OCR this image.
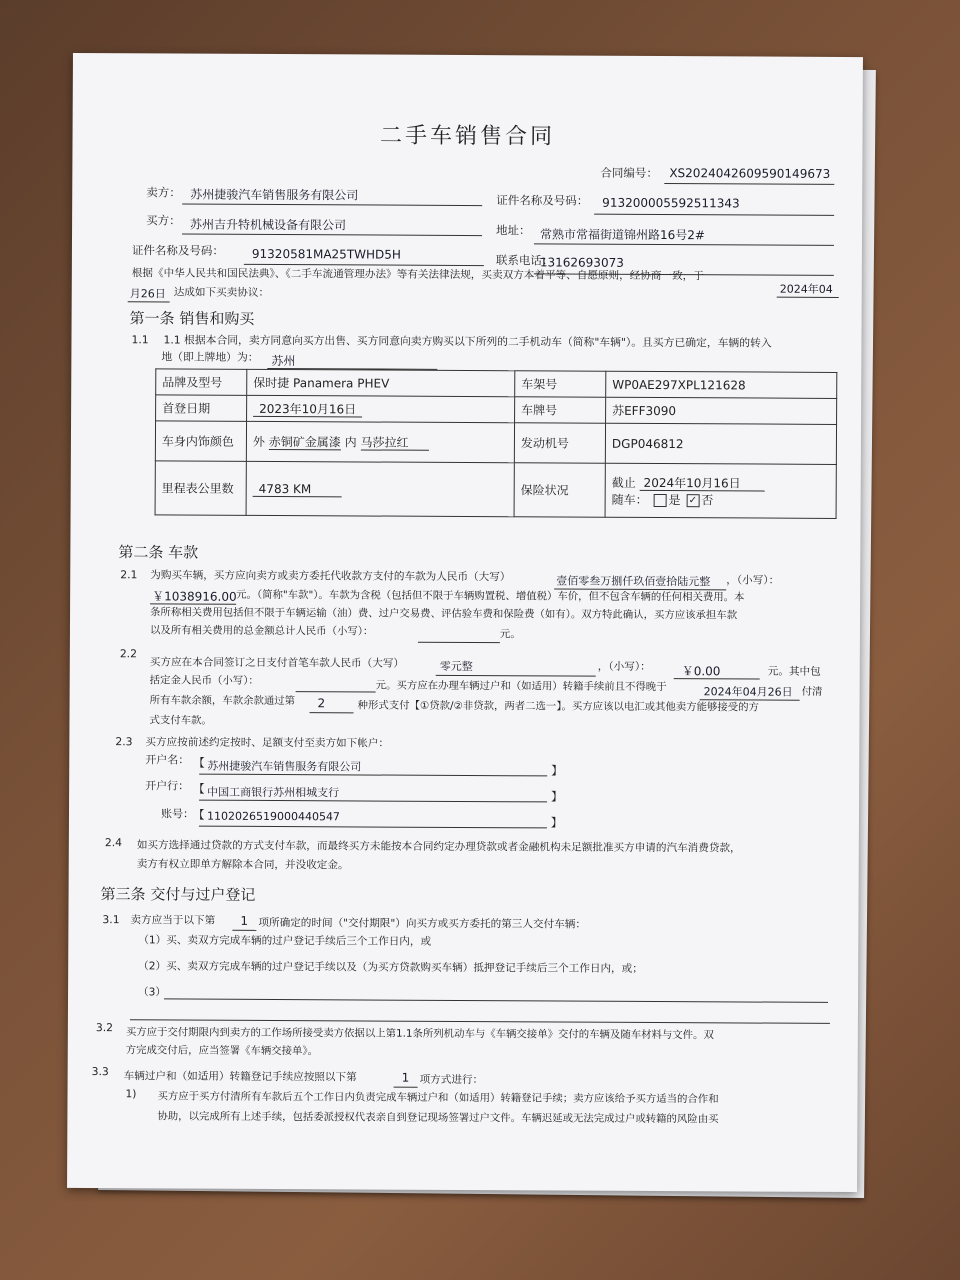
二手车销售合同
合同编号： XS2024042609590149673
卖方： 苏州捷骏汽车销售服务有限公司	证件名称及号码： 913200005592511343
买方： 苏州吉升特机械设备有限公司	地址： 常熟市常福街道锦州路16号2#
证件名称及号码： 91320581MA25TWHD5H	联系电话：
13162693073
根据《中华人民共和国民法典》、《二手车流通管理办法》等有关法律法规，买卖双方本着平等、自愿原则，经协商一致，于
2024年04
月26日 达成如下买卖协议：
第一条 销售和购买
1.1 1.1 根据本合同，卖方同意向买方出售、买方同意向卖方购买以下所列的二手机动车（简称"车辆"）。且买方已确定，车辆的转入
地（即上牌地）为： 苏州
品牌及型号	保时捷 Panamera PHEV	车架号	WP0AE297XPL121628
首登日期	2023年10月16日	车牌号	苏EFF3090
车身内饰颜色	外 赤铜矿金属漆 内 马莎拉红	发动机号	DGP046812
里程表公里数	4783 KM	保险状况	截止 2024年10月16日
随车： 是 ✓ 否
第二条 车款
2.1 为购买车辆，买方应向卖方或卖方委托代收款方支付的车款为人民币（大写）	壹佰零叁万捌仟玖佰壹拾陆元整 ，（小写）：
￥1038916.00 元。（简称"车款"）。车款为含税（包括但不限于车辆购置税、增值税）车价，但不包含车辆的任何相关费用。本
条所称相关费用包括但不限于车辆运输（油）费、过户交易费、评估验车费和保险费（如有）。双方特此确认，买方应该承担车款
以及所有相关费用的总金额总计人民币（小写）：	元。
2.2
买方应在本合同签订之日支付首笔车款人民币（大写）	零元整	，（小写）：	￥0.00	元。其中包
括定金人民币（小写）：	元。买方应在办理车辆过户和（如适用）转籍手续前且不得晚于	2024年04月26日 付清
所有车款余额，车款余款通过第 2	种形式支付【①贷款/②非贷款，两者二选一】。买方应该以电汇或其他卖方能够接受的方
式支付车款。
2.3 买方应按前述约定按时、足额支付至卖方如下帐户：
开户名： 【 苏州捷骏汽车销售服务有限公司	】
开户行： 【 中国工商银行苏州相城支行	】
账号：
【 1102026519000440547	】
2.4 如买方选择通过贷款的方式支付车款，而最终买方未能按本合同约定办理贷款或者金融机构未足额批准买方申请的汽车消费贷款，
卖方有权立即单方解除本合同，并没收定金。
第三条 交付与过户登记
3.1 卖方应当于以下第 1 项所确定的时间（"交付期限"）向买方或买方委托的第三人交付车辆：
（1）买、卖双方完成车辆的过户登记手续后三个工作日内，或
（2）买、卖双方完成车辆的过户登记手续以及（为买方贷款购买车辆）抵押登记手续后三个工作日内，或；
（3）
3.2 买方应于交付期限内到卖方的工作场所接受卖方依据以上第1.1条所列机动车与《车辆交接单》交付的车辆及随车材料与文件。双
方完成交付后，应当签署《车辆交接单》。
3.3 车辆过户和（如适用）转籍登记手续应按照以下第	1 项方式进行：
1) 买方应于买方付清所有车款后五个工作日内负责完成车辆过户和（如适用）转籍登记手续；卖方应该给予买方适当的合作和
协助，以完成所有上述手续，包括委派授权代表亲自到登记现场签署过户文件。车辆迟延或无法完成过户或转籍的风险由买
